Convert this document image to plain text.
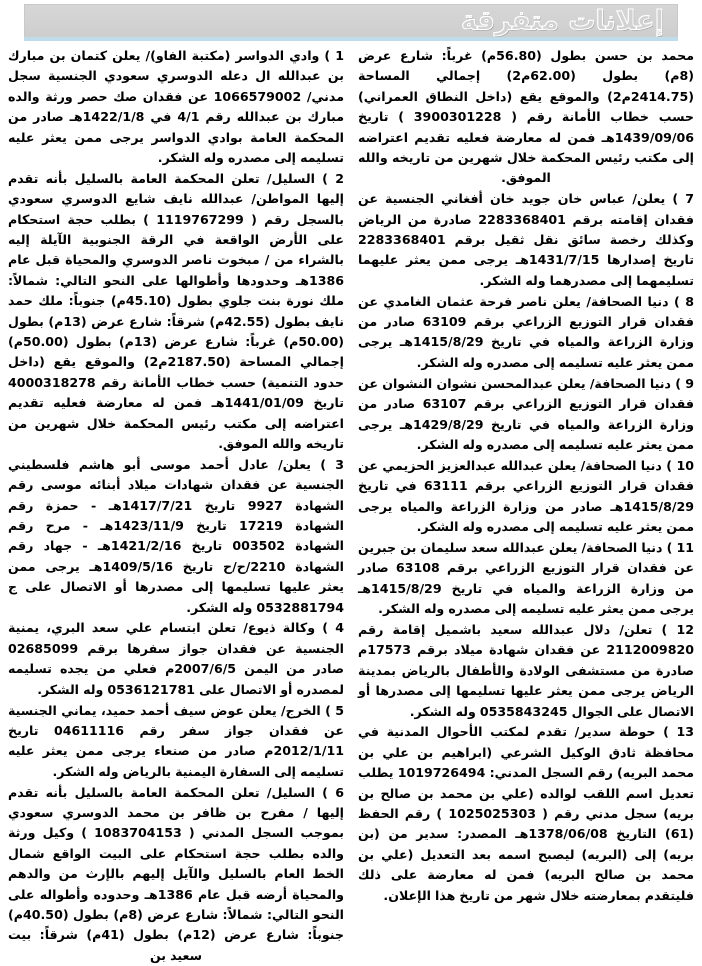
إعلانات متفرقة

محمد بن حسن بطول (56.80م) غرباً: شارع عرض (8م) بطول (62.00م2) إجمالي المساحة (2414.75م2) والموقع يقع (داخل النطاق العمراني) حسب خطاب الأمانة رقم ( 3900301228 ) تاريخ 1439/09/06هـ فمن له معارضة فعليه تقديم اعتراضه إلى مكتب رئيس المحكمة خلال شهرين من تاريخه والله الموفق.

7 ) يعلن/ عباس خان جويد خان أفغاني الجنسية عن فقدان إقامته برقم 2283368401 صادرة من الرياض وكذلك رخصة سائق نقل ثقيل برقم 2283368401 تاريخ إصدارها 1431/7/15هـ يرجى ممن يعثر عليهما تسليمهما إلى مصدرهما وله الشكر.

8 ) دنيا الصحافة/ يعلن ناصر فرحة عثمان الغامدي عن فقدان قرار التوزيع الزراعي برقم 63109 صادر من وزارة الزراعة والمياه في تاريخ 1415/8/29هـ يرجى ممن يعثر عليه تسليمه إلى مصدره وله الشكر.

9 ) دنيا الصحافة/ يعلن عبدالمحسن نشوان النشوان عن فقدان قرار التوزيع الزراعي برقم 63107 صادر من وزارة الزراعة والمياه في تاريخ 1429/8/29هـ يرجى ممن يعثر عليه تسليمه إلى مصدره وله الشكر.

10 ) دنيا الصحافة/ يعلن عبدالله عبدالعزيز الحزيمي عن فقدان قرار التوزيع الزراعي برقم 63111 في تاريخ 1415/8/29هـ صادر من وزارة الزراعة والمياه يرجى ممن يعثر عليه تسليمه إلى مصدره وله الشكر.

11 ) دنيا الصحافة/ يعلن عبدالله سعد سليمان بن جبرين عن فقدان قرار التوزيع الزراعي برقم 63108 صادر من وزارة الزراعة والمياه في تاريخ 1415/8/29هـ يرجى ممن يعثر عليه تسليمه إلى مصدره وله الشكر.

12 ) تعلن/ دلال عبدالله سعيد باشميل إقامة رقم 2112009820 عن فقدان شهادة ميلاد برقم 17573م صادرة من مستشفى الولادة والأطفال بالرياض بمدينة الرياض يرجى ممن يعثر عليها تسليمها إلى مصدرها أو الاتصال على الجوال 0535843245 وله الشكر.

13 ) حوطة سدير/ تقدم لمكتب الأحوال المدنية في محافظة ثادق الوكيل الشرعي (ابراهيم بن علي بن محمد البريه) رقم السجل المدني: 1019726494 يطلب تعديل اسم اللقب لوالده (علي بن محمد بن صالح بن بريه) سجل مدني رقم ( 1025025303 ) رقم الحفظ (61) التاريخ 1378/06/08هـ المصدر: سدير من (بن بريه) إلى (البريه) ليصبح اسمه بعد التعديل (علي بن محمد بن صالح البريه) فمن له معارضة على ذلك فليتقدم بمعارضته خلال شهر من تاريخ هذا الإعلان.

1 ) وادي الدواسر (مكتبة الفاو)/ يعلن كتمان بن مبارك بن عبدالله ال دعله الدوسري سعودي الجنسية سجل مدني/ 1066579002 عن فقدان صك حصر ورثة والده مبارك بن عبدالله رقم 4/1 في 1422/1/8هـ صادر من المحكمة العامة بوادي الدواسر يرجى ممن يعثر عليه تسليمه إلى مصدره وله الشكر.

2 ) السليل/ تعلن المحكمة العامة بالسليل بأنه تقدم إليها المواطن/ عبدالله نايف شايع الدوسري سعودي بالسجل رقم ( 1119767299 ) بطلب حجة استحكام على الأرض الواقعة في الرقة الجنوبية الآيلة إليه بالشراء من / مبخوت ناصر الدوسري والمحياة قبل عام 1386هـ وحدودها وأطوالها على النحو التالي: شمالاً: ملك نورة بنت جلوي بطول (45.10م) جنوباً: ملك حمد نايف بطول (42.55م) شرقاً: شارع عرض (13م) بطول (50.00م) غرباً: شارع عرض (13م) بطول (50.00م) إجمالي المساحة (2187.50م2) والموقع يقع (داخل حدود التنمية) حسب خطاب الأمانة رقم 4000318278 تاريخ 1441/01/09هـ فمن له معارضة فعليه تقديم اعتراضه إلى مكتب رئيس المحكمة خلال شهرين من تاريخه والله الموفق.

3 ) يعلن/ عادل أحمد موسى أبو هاشم فلسطيني الجنسية عن فقدان شهادات ميلاد أبنائه موسى رقم الشهادة 9927 تاريخ 1417/7/21هـ - حمزة رقم الشهادة 17219 تاريخ 1423/11/9هـ - مرح رقم الشهادة 003502 تاريخ 1421/2/16هـ - جهاد رقم الشهادة 2210/ح/ح تاريخ 1409/5/16هـ يرجى ممن يعثر عليها تسليمها إلى مصدرها أو الاتصال على ج 0532881794 وله الشكر.

4 ) وكالة ذيوع/ تعلن ابتسام علي سعد البري، يمنية الجنسية عن فقدان جواز سفرها برقم 02685099 صادر من اليمن 2007/6/5م فعلي من يجده تسليمه لمصدره أو الاتصال على 0536121781 وله الشكر.

5 ) الخرج/ يعلن عوض سيف أحمد حميد، يماني الجنسية عن فقدان جواز سفر رقم 04611116 تاريخ 2012/1/11م صادر من صنعاء يرجى ممن يعثر عليه تسليمه إلى السفارة اليمنية بالرياض وله الشكر.

6 ) السليل/ تعلن المحكمة العامة بالسليل بأنه تقدم إليها / مفرح بن ظافر بن محمد الدوسري سعودي بموجب السجل المدني ( 1083704153 ) وكيل ورثة والده بطلب حجة استحكام على البيت الواقع شمال الخط العام بالسليل والآيل إليهم بالإرث من والدهم والمحياة أرضه قبل عام 1386هـ وحدوده وأطواله على النحو التالي: شمالاً: شارع عرض (8م) بطول (40.50م) جنوباً: شارع عرض (12م) بطول (41م) شرقاً: بيت سعيد بن
